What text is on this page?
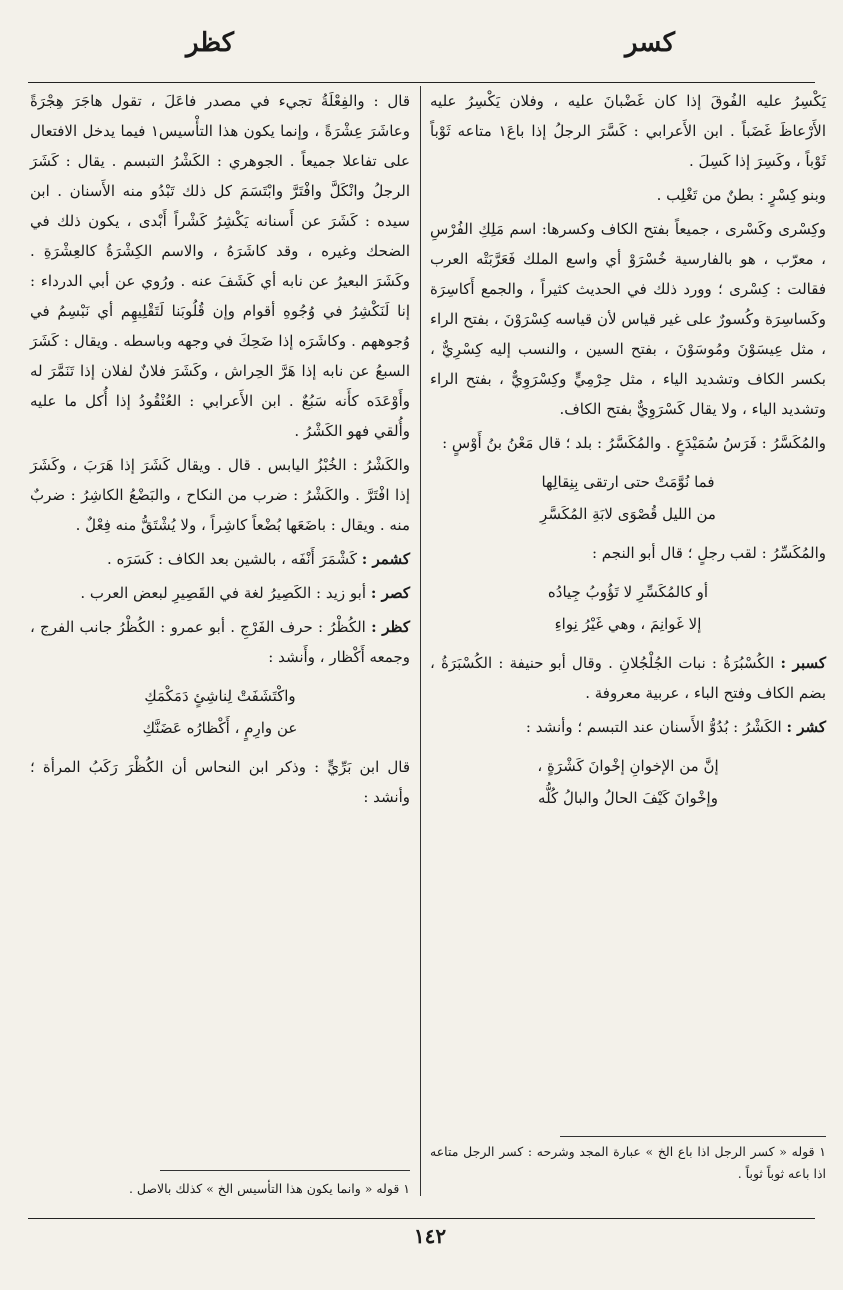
كسر
كظر

يَكْسِرُ عليه الفُوقَ إذا كان غَضْبانَ عليه ، وفلان يَكْسِرُ عليه الأَرْعاظَ غَضَباً . ابن الأَعرابي : كَسَّرَ الرجلُ إذا باعَ١ متاعه ثَوْباً ثَوْباً ، وكَسِرَ إذا كَسِلَ .

وبنو كِسْرٍ : بطنٌ من تَغْلِب .

وكِسْرى وكَسْرى ، جميعاً بفتح الكاف وكسرها: اسم مَلِكِ الفُرْسِ ، معرّب ، هو بالفارسية خُسْرَوْ أي واسع الملك فَعَرَّبَتْه العرب فقالت : كِسْرى ؛ وورد ذلك في الحديث كثيراً ، والجمع أَكاسِرَة وكَساسِرَة وكُسورٌ على غير قياس لأن قياسه كِسْرَوْنَ ، بفتح الراء ، مثل عِيسَوْنَ ومُوسَوْنَ ، بفتح السين ، والنسب إليه كِسْرِيٌّ ، بكسر الكاف وتشديد الياء ، مثل حِرْمِيٍّ وكِسْرَوِيٌّ ، بفتح الراء وتشديد الياء ، ولا يقال كَسْرَوِيٌّ بفتح الكاف.

والمُكَسَّرُ : فَرَسُ سُمَيْدَعٍ . والمُكَسَّرُ : بلد ؛ قال مَعْنُ بنُ أَوْسٍ :

فما نُوَّمَتْ حتى ارتقى بِنِقالِها
من الليل قُصْوَى لابَةِ المُكَسَّرِ

والمُكَسِّرُ : لقب رجلٍ ؛ قال أبو النجم :

أو كالمُكَسِّرِ لا تَؤُوبُ جِيادُه
إلا غَوانِمَ ، وهي غَيْرُ نِواءِ

كسبر : الكُسْبُرَةُ : نبات الجُلْجُلانِ . وقال أبو حنيفة : الكُسْبَرَةُ ، بضم الكاف وفتح الباء ، عربية معروفة .

كشر : الكَشْرُ : بُدُوُّ الأَسنان عند التبسم ؛ وأنشد :

إنَّ من الإخوانِ إخْوانَ كَشْرَةٍ ،
وإخْوانَ كَيْفَ الحالُ والبالُ كُلُّه
١ قوله « كسر الرجل اذا باع الخ » عبارة المجد وشرحه : كسر الرجل متاعه اذا باعه ثوباً ثوباً .

قال : والفِعْلَةُ تجيء في مصدر فاعَلَ ، تقول هاجَرَ هِجْرَةً وعاشَرَ عِشْرَةً ، وإنما يكون هذا التأْسيس١ فيما يدخل الافتعال على تفاعلا جميعاً . الجوهري : الكَشْرُ التبسم . يقال : كَشَرَ الرجلُ وانْكَلَّ وافْتَرَّ وابْتَسَمَ كل ذلك تَبْدُو منه الأَسنان . ابن سيده : كَشَرَ عن أَسنانه يَكْشِرُ كَشْراً أَبْدى ، يكون ذلك في الضحك وغيره ، وقد كاشَرَهُ ، والاسم الكِشْرَةُ كالعِشْرَةِ . وكَشَرَ البعيرُ عن نابه أي كَشَفَ عنه . ورُوي عن أبي الدرداء : إنا لَنَكْشِرُ في وُجُوهِ أقوام وإن قُلُوبَنا لَتَقْلِيهِم أي نَبْسِمُ في وُجوههم . وكاشَرَه إذا ضَحِكَ في وجهه وباسطه . ويقال : كَشَرَ السبعُ عن نابه إذا هَرَّ الحِراش ، وكَشَرَ فلانٌ لفلان إذا تَنَمَّرَ له وأَوْعَدَه كأَنه سَبُعٌ . ابن الأَعرابي : العُنْقُودُ إذا أُكل ما عليه وأُلقي فهو الكَشْرُ .

والكَشْرُ : الخُبْزُ اليابس . قال . ويقال كَشَرَ إذا هَرَبَ ، وكَشَرَ إذا افْتَرَّ . والكَشْرُ : ضرب من النكاح ، والبَضْعُ الكاشِرُ : ضربٌ منه . ويقال : باضَعَها بُضْعاً كاشِراً ، ولا يُشْتَقُّ منه فِعْلٌ .

كشمر : كَشْمَرَ أَنْفَه ، بالشين بعد الكاف : كَسَرَه .

كصر : أبو زيد : الكَصِيرُ لغة في القَصِيرِ لبعض العرب .

كظر : الكُظْرُ : حرف الفَرْجِ . أبو عمرو : الكُظْرُ جانب الفرج ، وجمعه أَكْظار ، وأَنشد :

واكْتَشَفَتْ لِناشِئٍ دَمَكْمَكِ
عن وارِمٍ ، أَكْظارُه عَضَنَّكِ

قال ابن بَرِّيٍّ : وذكر ابن النحاس أن الكُظْرَ رَكَبُ المرأة ؛ وأنشد :

١ قوله « وانما يكون هذا التأسيس الخ » كذلك بالاصل .
١٤٢
